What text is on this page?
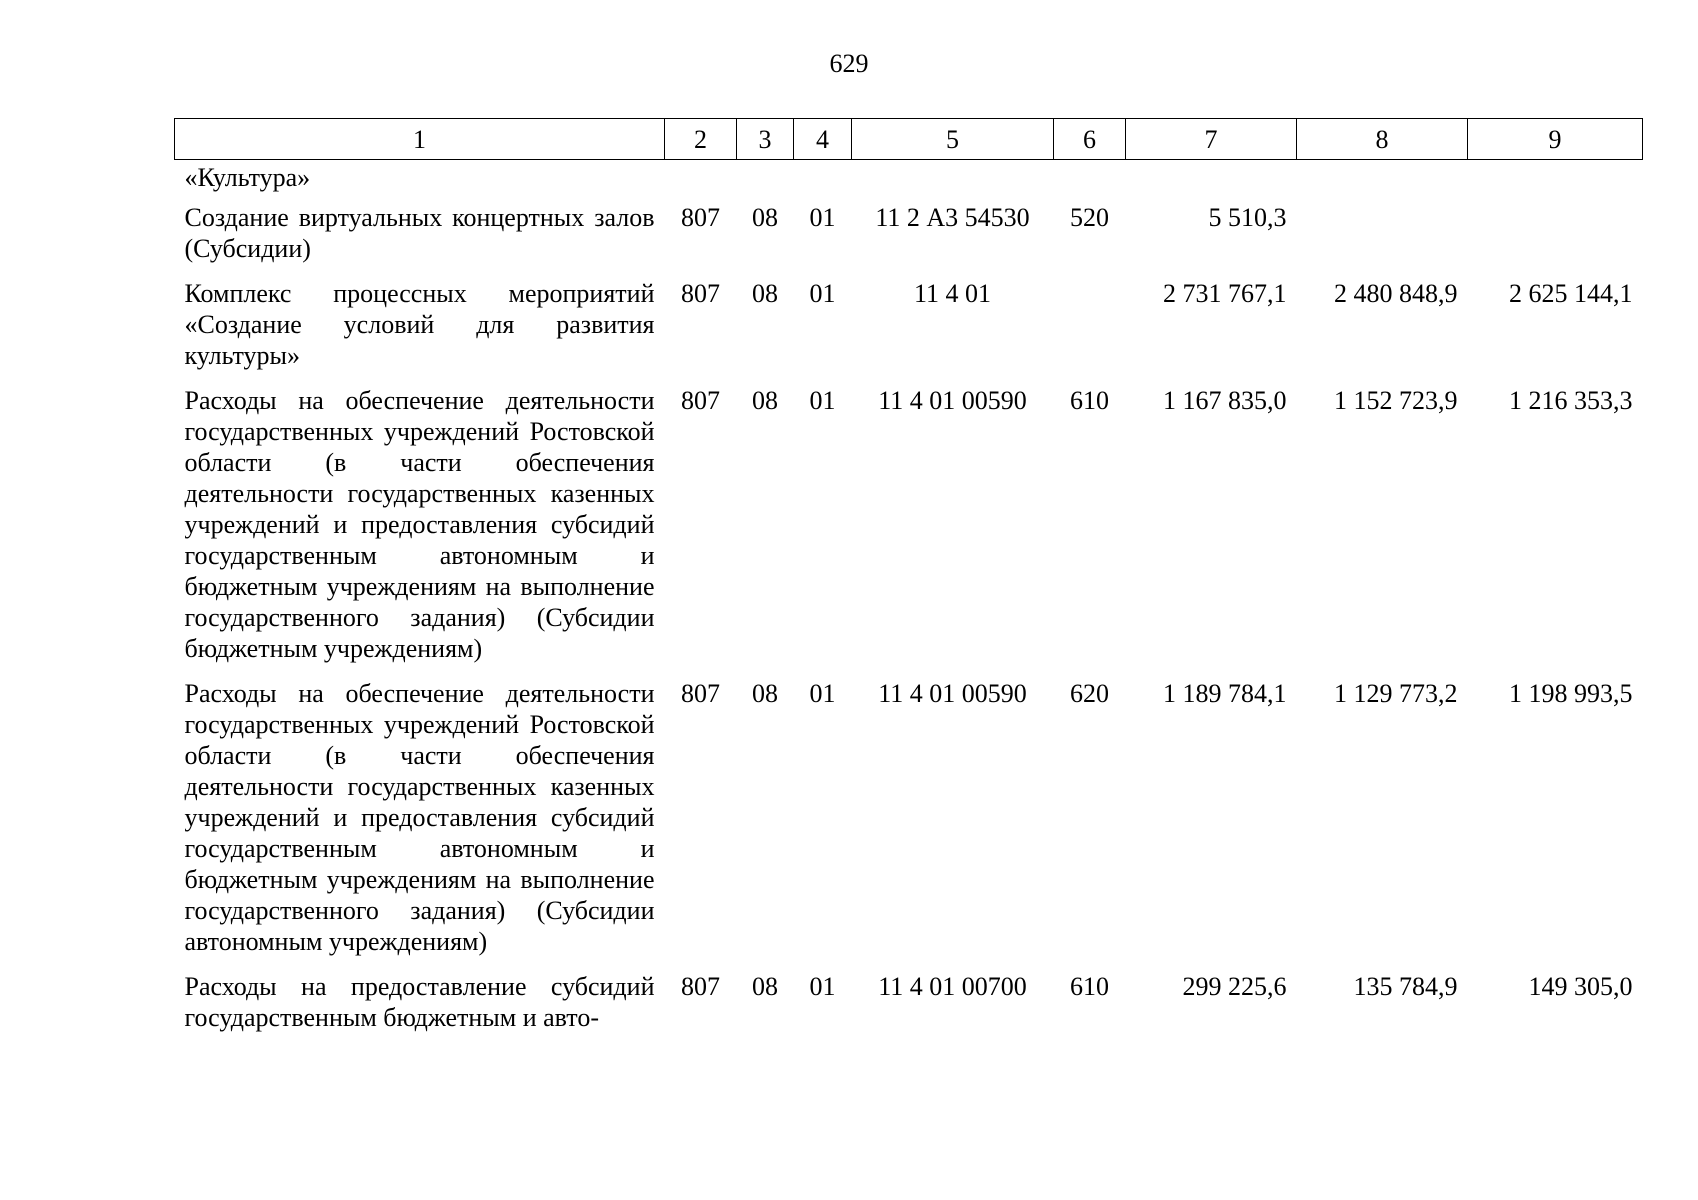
629
1	2	3	4	5	6	7	8	9
«Культура»								
Создание виртуальных концертных залов (Субсидии)	807	08	01	11 2 А3 54530	520	5 510,3		
Комплекс процессных мероприятий «Создание условий для развития культуры»	807	08	01	11 4 01		2 731 767,1	2 480 848,9	2 625 144,1
Расходы на обеспечение деятельности государственных учреждений Ростовской области (в части обеспечения деятельности государственных казенных учреждений и предоставления субсидий государственным автономным и бюджетным учреждениям на выполнение государственного задания) (Субсидии бюджетным учреждениям)	807	08	01	11 4 01 00590	610	1 167 835,0	1 152 723,9	1 216 353,3
Расходы на обеспечение деятельности государственных учреждений Ростовской области (в части обеспечения деятельности государственных казенных учреждений и предоставления субсидий государственным автономным и бюджетным учреждениям на выполнение государственного задания) (Субсидии автономным учреждениям)	807	08	01	11 4 01 00590	620	1 189 784,1	1 129 773,2	1 198 993,5
Расходы на предоставление субсидий государственным бюджетным и авто-	807	08	01	11 4 01 00700	610	299 225,6	135 784,9	149 305,0
